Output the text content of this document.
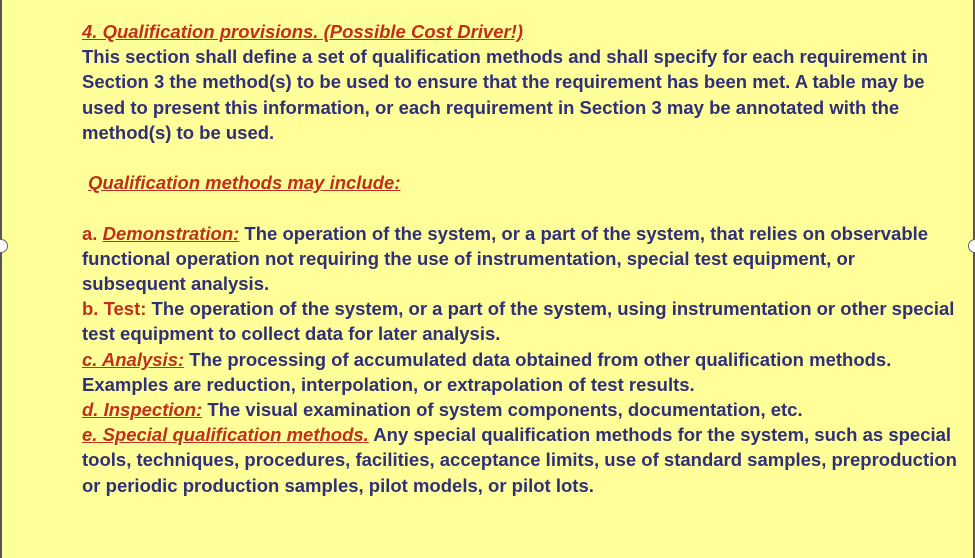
4. Qualification provisions. (Possible Cost Driver!)

This section shall define a set of qualification methods and shall specify for each requirement in Section 3 the method(s) to be used to ensure that the requirement has been met. A table may be used to present this information, or each requirement in Section 3 may be annotated with the method(s) to be used.

Qualification methods may include:

a. Demonstration: The operation of the system, or a part of the system, that relies on observable functional operation not requiring the use of instrumentation, special test equipment, or subsequent analysis.

b. Test: The operation of the system, or a part of the system, using instrumentation or other special test equipment to collect data for later analysis.

c. Analysis: The processing of accumulated data obtained from other qualification methods. Examples are reduction, interpolation, or extrapolation of test results.

d. Inspection: The visual examination of system components, documentation, etc.

e. Special qualification methods. Any special qualification methods for the system, such as special tools, techniques, procedures, facilities, acceptance limits, use of standard samples, preproduction or periodic production samples, pilot models, or pilot lots.
